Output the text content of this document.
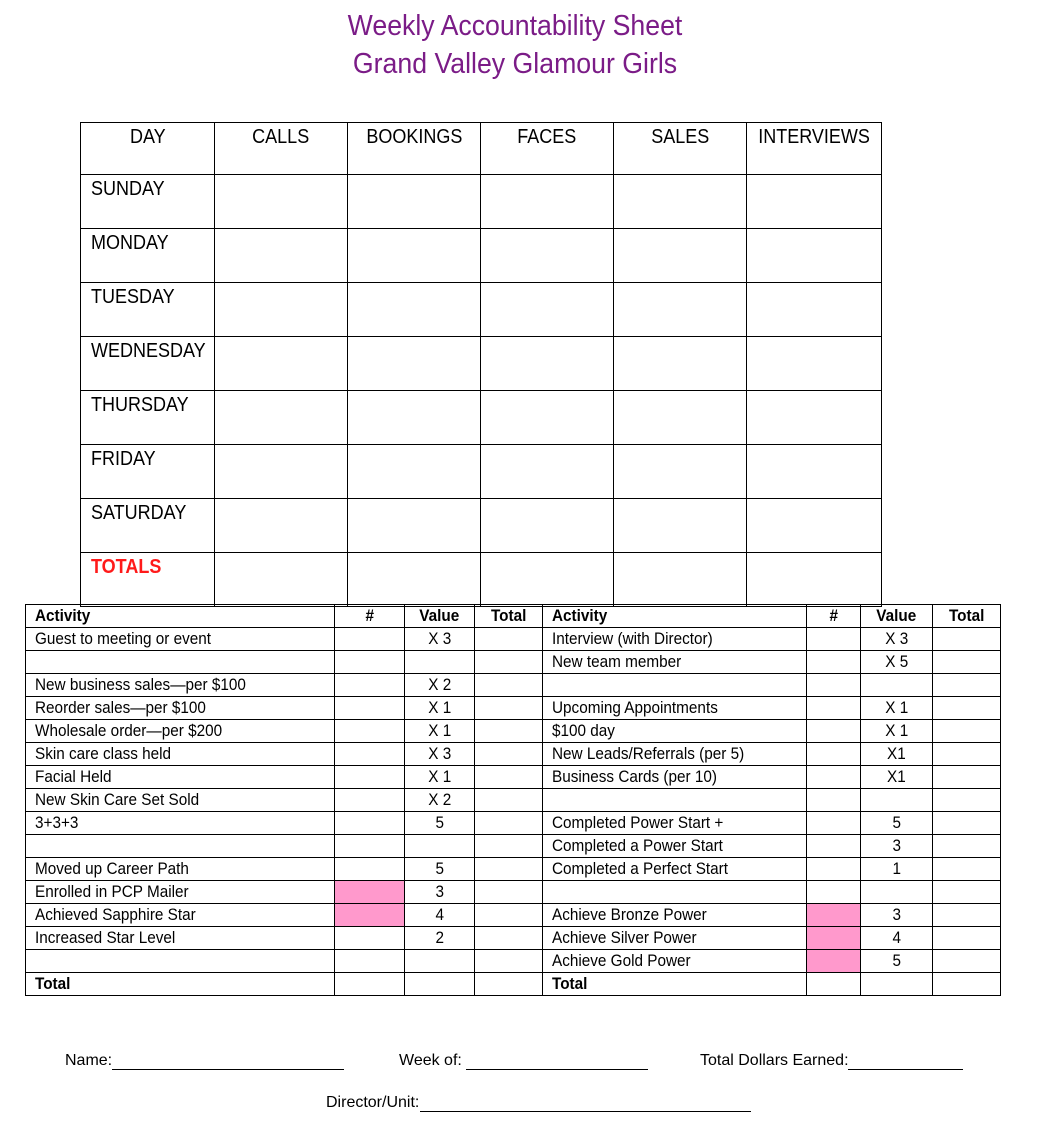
Weekly Accountability Sheet
Grand Valley Glamour Girls
DAY	CALLS	BOOKINGS	FACES	SALES	INTERVIEWS
SUNDAY					
MONDAY					
TUESDAY					
WEDNESDAY					
THURSDAY					
FRIDAY					
SATURDAY					
TOTALS					
Activity	#	Value	Total	Activity	#	Value	Total
Guest to meeting or event		X 3		Interview (with Director)		X 3	
				New team member		X 5	
New business sales—per $100		X 2					
Reorder sales—per $100		X 1		Upcoming Appointments		X 1	
Wholesale order—per $200		X 1		$100 day		X 1	
Skin care class held		X 3		New Leads/Referrals (per 5)		X1	
Facial Held		X 1		Business Cards (per 10)		X1	
New Skin Care Set Sold		X 2					
3+3+3		5		Completed Power Start +		5	
				Completed a Power Start		3	
Moved up Career Path		5		Completed a Perfect Start		1	
Enrolled in PCP Mailer		3					
Achieved Sapphire Star		4		Achieve Bronze Power		3	
Increased Star Level		2		Achieve Silver Power		4	
				Achieve Gold Power		5	
Total				Total			
Name:	Week of:	Total Dollars Earned:
Director/Unit:
